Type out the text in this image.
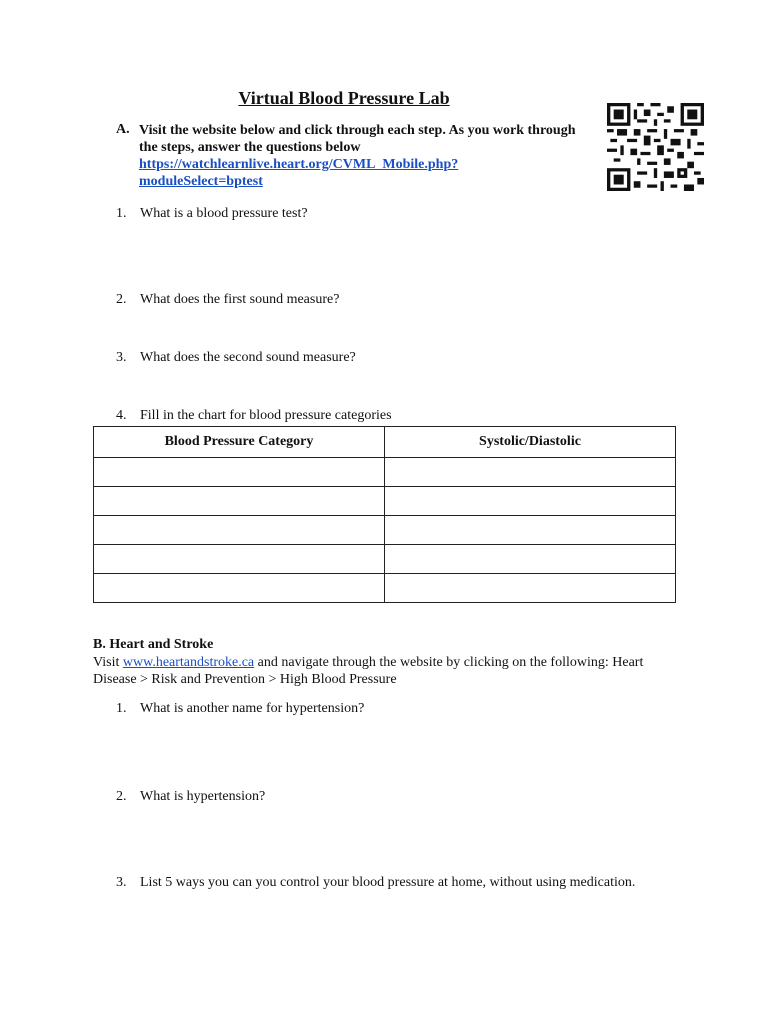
Virtual Blood Pressure Lab
A. Visit the website below and click through each step. As you work through the steps, answer the questions below
https://watchlearnlive.heart.org/CVML_Mobile.php?
moduleSelect=bptest
1. What is a blood pressure test?
2. What does the first sound measure?
3. What does the second sound measure?
4. Fill in the chart for blood pressure categories
Blood Pressure Category	Systolic/Diastolic

B. Heart and Stroke
Visit www.heartandstroke.ca and navigate through the website by clicking on the following: Heart Disease > Risk and Prevention > High Blood Pressure
1. What is another name for hypertension?
2. What is hypertension?
3. List 5 ways you can you control your blood pressure at home, without using medication.
